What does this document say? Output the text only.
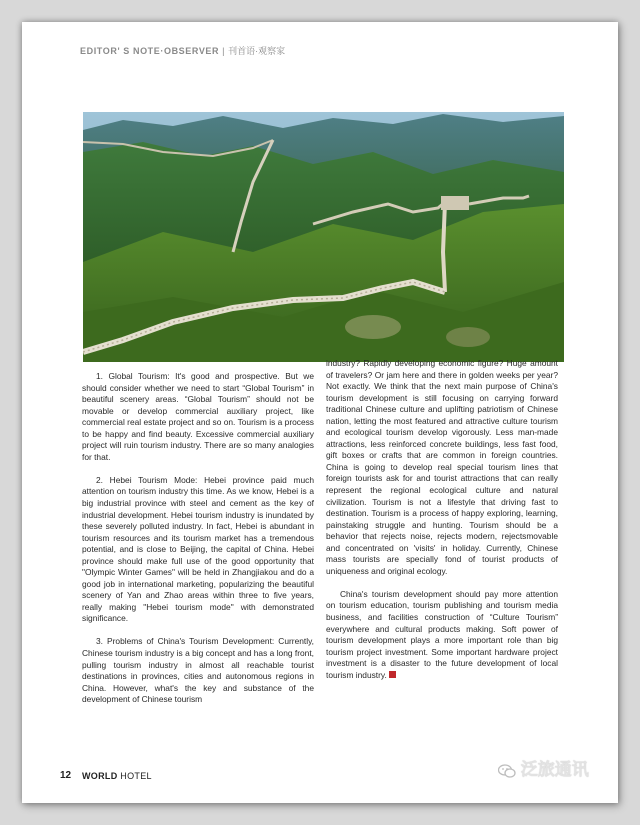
EDITOR' S NOTE·OBSERVER | 刊首语·观察家

1. Global Tourism: It's good and prospective. But we should consider whether we need to start “Global Tourism” in beautiful scenery areas. “Global Tourism” should not be movable or develop commercial auxiliary project, like commercial real estate project and so on. Tourism is a process to be happy and find beauty. Excessive commercial auxiliary project will ruin tourism industry. There are so many analogies for that.

2. Hebei Tourism Mode: Hebei province paid much attention on tourism industry this time. As we know, Hebei is a big industrial province with steel and cement as the key of industrial development. Hebei tourism industry is inundated by these severely polluted industry. In fact, Hebei is abundant in tourism resources and its tourism market has a tremendous potential, and is close to Beijing, the capital of China. Hebei province should make full use of the good opportunity that "Olympic Winter Games" will be held in Zhangjiakou and do a good job in international marketing, popularizing the beautiful scenery of Yan and Zhao areas within three to five years, really making "Hebei tourism mode" with demonstrated significance.

3. Problems of China's Tourism Development: Currently, Chinese tourism industry is a big concept and has a long front, pulling tourism industry in almost all reachable tourist destinations in provinces, cities and autonomous regions in China. However, what's the key and substance of the development of Chinese tourism

industry? Rapidly developing economic figure? Huge amount of travelers? Or jam here and there in golden weeks per year? Not exactly. We think that the next main purpose of China's tourism development is still focusing on carrying forward traditional Chinese culture and uplifting patriotism of Chinese nation, letting the most featured and attractive culture tourism and ecological tourism develop vigorously. Less man-made attractions, less reinforced concrete buildings, less fast food, gift boxes or crafts that are common in foreign countries. China is going to develop real special tourism lines that foreign tourists ask for and tourist attractions that can really represent the regional ecological culture and natural civilization. Tourism is not a lifestyle that driving fast to destination. Tourism is a process of happy exploring, learning, painstaking struggle and hunting. Tourism should be a behavior that rejects noise, rejects modern, rejectsmovable and concentrated on 'visits' in holiday. Currently, Chinese mass tourists are specially fond of tourist products of uniqueness and original ecology.

China's tourism development should pay more attention on tourism education, tourism publishing and tourism media business, and facilities construction of “Culture Tourism” everywhere and cultural products making. Soft power of tourism development plays a more important role than big tourism project investment. Some important hardware project investment is a disaster to the future development of local tourism industry.

12 WORLD HOTEL	泛旅通讯
